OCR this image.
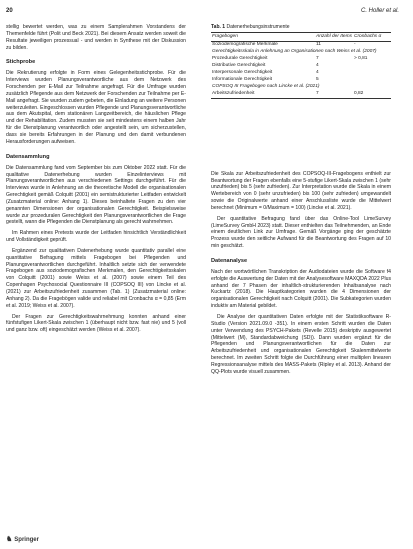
20	C. Holler et al.

stellig bewertet werden, was zu einem Samplerahmen Vorstandens der Themenfelde führt (Polit und Beck 2021). Bei diesem Ansatz werden soweit die Resultate jeweiligen prozessual - und werden in Synthese mit der Diskussion zu bilden.

Stichprobe

Die Rekrutierung erfolgte in Form eines Gelegenheitsstichprobe. Für die Interviews wurden Planungsverantwortliche aus dem Netzwerk des Forschenden per E-Mail zur Teilnahme angefragt. Für die Umfrage wurden zusätzlich Pflegende aus dem Netzwerk der Forschenden zur Teilnahme per E-Mail angefragt. Sie wurden zudem gebeten, die Einladung an weitere Personen weiterzuleiten. Eingeschlossen wurden Pflegende und Planungsverantwortliche aus dem Akutspital, dem stationären Langzeitbereich, die häuslichen Pflege und der Rehabilitation. Zudem mussten sie seit mindestens einem halben Jahr für die Dienstplanung verantwortlich oder angestellt sein, um sicherzustellen, dass sie bereits Erfahrungen in der Planung und den damit verbundenen Herausforderungen aufweisen.

Datensammlung

Die Datensammlung fand vom September bis zum Oktober 2022 statt. Für die qualitative Datenerhebung wurden Einzelinterviews mit Planungsverantwortlichen aus verschiedenen Settings durchgeführt. Für die Interviews wurde in Anlehnung an die theoretische Modell die organisationalen Gerechtigkeit gemäß Colquitt (2001) ein semistrukturierter Leitfaden entwickelt (Zusatzmaterial online: Anhang 1). Dieses beinhaltete Fragen zu den vier genannten Dimensionen der organisationalen Gerechtigkeit. Beispielsweise wurde zur prozeduralen Gerechtigkeit den Planungsverantwortlichen die Frage gestellt, wann die Pflegenden die Dienstplanung als gerecht wahrnehmen.

Im Rahmen eines Pretests wurde der Leitfaden hinsichtlich Verständlichkeit und Vollständigkeit geprüft.

Ergänzend zur qualitativen Datenerhebung wurde quantitativ parallel eine quantitative Befragung mittels Fragebogen bei Pflegenden und Planungsverantwortlichen durchgeführt. Inhaltlich setzte sich der verwendete Fragebogen aus soziodemografischen Merkmalen, den Gerechtigkeitsskalen von Colquitt (2001) sowie Weiss et al. (2007) sowie einem Teil des Copenhagen Psychosocial Questionnaire III (COPSOQ III) von Lincke et al. (2021) zur Arbeitszufriedenheit zusammen (Tab. 1) (Zusatzmaterial online: Anhang 2). Da die Fragebögen valide und reliabel mit Cronbachs α = 0,85 (Erm et al. 2019; Weiss et al. 2007).

Der Fragen zur Gerechtigkeitswahrnehmung konnten anhand einer fünfstufigen Likert-Skala zwischen 1 (überhaupt nicht bzw. fast nie) und 5 (voll und ganz bzw. oft) eingeschätzt werden (Weiss et al. 2007).

Tab. 1 Datenerhebungsinstrumente
Fragebogen	Anzahl der Items	Cronbachs α
Soziodemografische Merkmale	11	-
Gerechtigkeitsskala in Anlehnung an Organisationen nach Weiss et al. (2007)		
Prozedurale Gerechtigkeit	7	> 0,81
Distributive Gerechtigkeit	4	
Interpersonale Gerechtigkeit	4	
Informationale Gerechtigkeit	5	
COPSOQ III Fragebogen nach Lincke et al. (2021)		
Arbeitszufriedenheit	7	0,82

Die Skala zur Arbeitszufriedenheit des COPSOQ-III-Fragebogens enthielt zur Beantwortung der Fragen ebenfalls eine 5-stufige Likert-Skala zwischen 1 (sehr unzufrieden) bis 5 (sehr zufrieden). Zur Interpretation wurde die Skala in einem Wertebereich von 0 (sehr unzufrieden) bis 100 (sehr zufrieden) umgewandelt sowie die Originalwerte anhand einer Anschlussliste wurde die Mittelwert berechnet (Minimum = 0/Maximum = 100) (Lincke et al. 2021).

Der quantitative Befragung fand über das Online-Tool LimeSurvey (LimeSurvey GmbH 2023) statt. Dieser enthielten das Teilnehmenden, an Ende einem deutlichen Link zur Umfrage. Gemäß Vorgänge ging der geschätzte Prozess wurde den seitliche Aufwand für die Beantwortung des Fragen auf 10 min geschätzt.

Datenanalyse

Nach der wortwörtlichen Transkription der Audiodateien wurde die Software f4 erfolgte die Auswertung der Daten mit der Analysesoftware MAXQDA 2022 Plus anhand der 7 Phasen der inhaltlich-strukturierenden Inhaltsanalyse nach Kuckartz (2018). Die Hauptkategorien wurden die 4 Dimensionen der organisationalen Gerechtigkeit nach Colquitt (2001). Die Subkategorien wurden induktiv am Material gebildet.

Die Analyse der quantitativen Daten erfolgte mit der Statistiksoftware R-Studio (Version 2021.09.0 -351). In einem ersten Schritt wurden die Daten unter Verwendung des PSYCH-Pakets (Revelle 2015) deskriptiv ausgewertet (Mittelwert (M), Standardabweichung (SD)). Dann wurden ergänzt für die Pflegenden und Planungsverantwortlichen für die Daten zur Arbeitszufriedenheit und organisationalen Gerechtigkeit Skalenmittelwerte berechnet. Im zweiten Schritt folgte die Durchführung einer multiplen linearen Regressionsanalyse mittels des MASS-Pakets (Ripley et al. 2013). Anhand der QQ-Plots wurde visuell zusammen.

♞ Springer
